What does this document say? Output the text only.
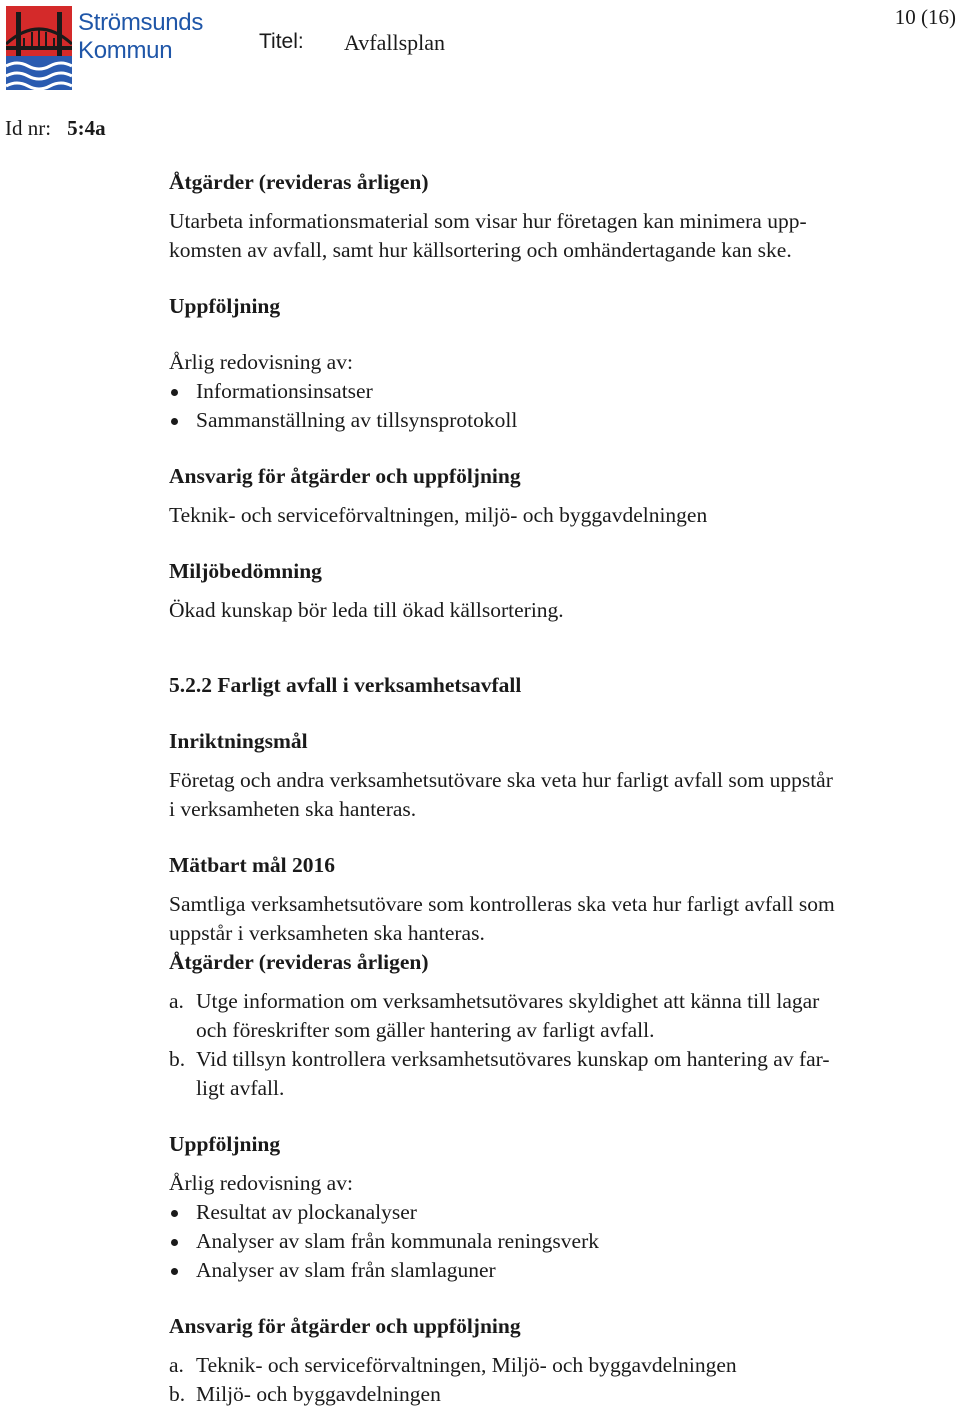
Strömsunds
Kommun	Titel: Avfallsplan
10 (16)
Id nr: 5:4a

Åtgärder (revideras årligen)

Utarbeta informationsmaterial som visar hur företagen kan minimera upp-

komsten av avfall, samt hur källsortering och omhändertagande kan ske.

Uppföljning

Årlig redovisning av:

Informationsinsatser
Sammanställning av tillsynsprotokoll

Ansvarig för åtgärder och uppföljning

Teknik- och serviceförvaltningen, miljö- och byggavdelningen

Miljöbedömning

Ökad kunskap bör leda till ökad källsortering.

5.2.2 Farligt avfall i verksamhetsavfall

Inriktningsmål

Företag och andra verksamhetsutövare ska veta hur farligt avfall som uppstår

i verksamheten ska hanteras.

Mätbart mål 2016

Samtliga verksamhetsutövare som kontrolleras ska veta hur farligt avfall som

uppstår i verksamheten ska hanteras.

Åtgärder (revideras årligen)

a. Utge information om verksamhetsutövares skyldighet att känna till lagar
och föreskrifter som gäller hantering av farligt avfall.
b. Vid tillsyn kontrollera verksamhetsutövares kunskap om hantering av far-
ligt avfall.

Uppföljning

Årlig redovisning av:

Resultat av plockanalyser
Analyser av slam från kommunala reningsverk
Analyser av slam från slamlaguner

Ansvarig för åtgärder och uppföljning

a. Teknik- och serviceförvaltningen, Miljö- och byggavdelningen
b. Miljö- och byggavdelningen
